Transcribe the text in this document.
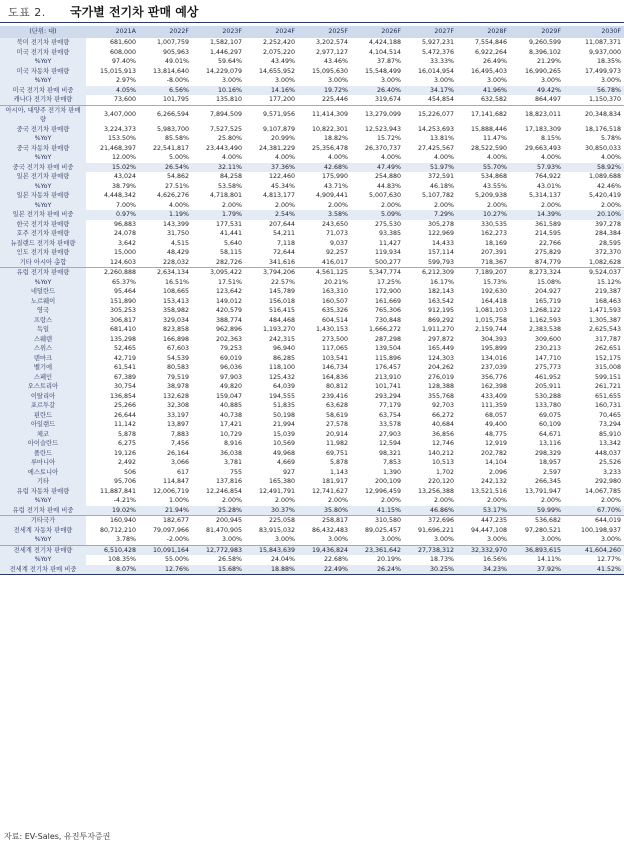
도표 2. 국가별 전기차 판매 예상
(단위: 대)	2021A	2022F	2023F	2024F	2025F	2026F	2027F	2028F	2029F	2030F
북미 전기차 판매량	681,600	1,007,759	1,582,107	2,252,420	3,202,574	4,424,188	5,927,231	7,554,846	9,260,599	11,087,371
미국 전기차 판매량	608,000	905,963	1,446,297	2,075,220	2,977,127	4,104,514	5,472,376	6,922,264	8,396,102	9,937,000
%YoY	97.40%	49.01%	59.64%	43.49%	43.46%	37.87%	33.33%	26.49%	21.29%	18.35%
미국 자동차 판매량	15,015,913	13,814,640	14,229,079	14,655,952	15,095,630	15,548,499	16,014,954	16,495,403	16,990,265	17,499,973
%YoY	2.97%	-8.00%	3.00%	3.00%	3.00%	3.00%	3.00%	3.00%	3.00%	3.00%
미국 전기차 판매 비중	4.05%	6.56%	10.16%	14.16%	19.72%	26.40%	34.17%	41.96%	49.42%	56.78%
캐나다 전기차 판매량	73,600	101,795	135,810	177,200	225,446	319,674	454,854	632,582	864,497	1,150,370
아시아, 대양주 전기차 판매량	3,407,000	6,266,594	7,894,509	9,571,956	11,414,309	13,279,099	15,226,077	17,141,682	18,823,011	20,348,834
중국 전기차 판매량	3,224,373	5,983,700	7,527,525	9,107,879	10,822,301	12,523,943	14,253,693	15,888,446	17,183,309	18,176,518
%YoY	153.50%	85.58%	25.80%	20.99%	18.82%	15.72%	13.81%	11.47%	8.15%	5.78%
중국 자동차 판매량	21,468,397	22,541,817	23,443,490	24,381,229	25,356,478	26,370,737	27,425,567	28,522,590	29,663,493	30,850,033
%YoY	12.00%	5.00%	4.00%	4.00%	4.00%	4.00%	4.00%	4.00%	4.00%	4.00%
중국 전기차 판매 비중	15.02%	26.54%	32.11%	37.36%	42.68%	47.49%	51.97%	55.70%	57.93%	58.92%
일본 전기차 판매량	43,024	54,862	84,258	122,460	175,990	254,880	372,591	534,868	764,922	1,089,688
%YoY	38.79%	27.51%	53.58%	45.34%	43.71%	44.83%	46.18%	43.55%	43.01%	42.46%
일본 자동차 판매량	4,448,342	4,626,276	4,718,801	4,813,177	4,909,441	5,007,630	5,107,782	5,209,938	5,314,137	5,420,419
%YoY	7.00%	4.00%	2.00%	2.00%	2.00%	2.00%	2.00%	2.00%	2.00%	2.00%
일본 전기차 판매 비중	0.97%	1.19%	1.79%	2.54%	3.58%	5.09%	7.29%	10.27%	14.39%	20.10%
한국 전기차 판매량	96,883	143,399	177,531	207,644	243,650	275,530	305,278	330,535	361,589	397,278
호주 전기차 판매량	24,078	31,750	41,441	54,211	71,073	93,385	122,969	162,273	214,595	284,384
뉴질랜드 전기차 판매량	3,642	4,515	5,640	7,118	9,037	11,427	14,433	18,169	22,766	28,595
인도 전기차 판매량	15,000	48,429	58,115	72,644	92,257	119,934	157,114	207,391	275,829	372,370
기타 아시아 총합	124,603	228,032	282,726	341,616	416,017	500,277	599,793	718,367	874,779	1,082,628
유럽 전기차 판매량	2,260,888	2,634,134	3,095,422	3,794,206	4,561,125	5,347,774	6,212,309	7,189,207	8,273,324	9,524,037
%YoY	65.37%	16.51%	17.51%	22.57%	20.21%	17.25%	16.17%	15.73%	15.08%	15.12%
네덜란드	95,464	108,665	123,642	145,789	163,310	172,900	182,143	192,630	204,927	219,387
노르웨이	151,890	153,413	149,012	156,018	160,507	161,669	163,542	164,418	165,719	168,463
영국	305,253	358,982	420,579	516,415	635,326	765,306	912,195	1,081,103	1,268,122	1,471,593
프랑스	306,817	329,034	388,774	484,468	604,514	730,848	869,292	1,015,758	1,162,593	1,305,387
독일	681,410	823,858	962,896	1,193,270	1,430,153	1,666,272	1,911,270	2,159,744	2,383,538	2,625,543
스웨덴	135,298	166,898	202,363	242,315	273,500	287,298	297,872	304,393	309,600	317,787
스위스	52,465	67,603	79,253	96,940	117,065	139,504	165,449	195,899	230,213	262,651
덴마크	42,719	54,539	69,019	86,285	103,541	115,896	124,303	134,016	147,710	152,175
벨기에	61,541	80,583	96,036	118,100	146,734	176,457	204,262	237,039	275,773	315,008
스페인	67,389	79,519	97,903	125,432	164,836	213,910	276,019	356,776	461,952	599,151
오스트리아	30,754	38,978	49,820	64,039	80,812	101,741	128,388	162,398	205,911	261,721
이탈리아	136,854	132,628	159,047	194,555	239,416	293,294	355,768	433,409	530,288	651,655
포르투갈	25,266	32,308	40,885	51,835	63,628	77,179	92,703	111,359	133,780	160,731
핀란드	26,644	33,197	40,738	50,198	58,619	63,754	66,272	68,057	69,075	70,465
아일랜드	11,142	13,897	17,421	21,994	27,578	33,578	40,684	49,400	60,109	73,294
체코	5,878	7,883	10,729	15,039	20,914	27,903	36,856	48,775	64,671	85,910
아이슬란드	6,275	7,456	8,916	10,569	11,982	12,594	12,746	12,919	13,116	13,342
폴란드	19,126	26,164	36,038	49,968	69,751	98,321	140,212	202,782	298,329	448,037
루마니아	2,492	3,066	3,781	4,669	5,878	7,853	10,513	14,104	18,957	25,526
에스토니아	506	617	755	927	1,143	1,390	1,702	2,096	2,597	3,233
기타	95,706	114,847	137,816	165,380	181,917	200,109	220,120	242,132	266,345	292,980
유럽 자동차 판매량	11,887,841	12,006,719	12,246,854	12,491,791	12,741,627	12,996,459	13,256,388	13,521,516	13,791,947	14,067,785
%YoY	-4.21%	1.00%	2.00%	2.00%	2.00%	2.00%	2.00%	2.00%	2.00%	2.00%
유럽 전기차 판매 비중	19.02%	21.94%	25.28%	30.37%	35.80%	41.15%	46.86%	53.17%	59.99%	67.70%
기타국가	160,940	182,677	200,945	225,058	258,817	310,580	372,696	447,235	536,682	644,019
전세계 자동차 판매량	80,712,210	79,097,966	81,470,905	83,915,032	86,432,483	89,025,457	91,696,221	94,447,108	97,280,521	100,198,937
%YoY	3.78%	-2.00%	3.00%	3.00%	3.00%	3.00%	3.00%	3.00%	3.00%	3.00%
전세계 전기차 판매량	6,510,428	10,091,164	12,772,983	15,843,639	19,436,824	23,361,642	27,738,312	32,332,970	36,893,615	41,604,260
%YoY	108.35%	55.00%	26.58%	24.04%	22.68%	20.19%	18.73%	16.56%	14.11%	12.77%
전세계 전기차 판매 비중	8.07%	12.76%	15.68%	18.88%	22.49%	26.24%	30.25%	34.23%	37.92%	41.52%
자료: EV-Sales, 유진투자증권
